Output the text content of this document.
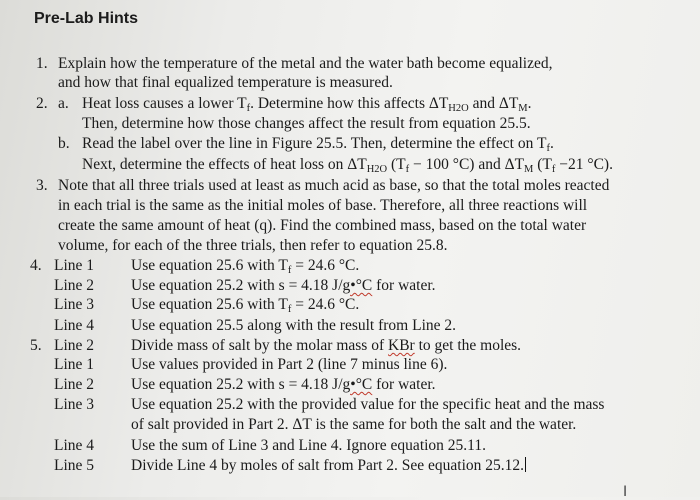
Pre-Lab Hints
1. Explain how the temperature of the metal and the water bath become equalized,
and how that final equalized temperature is measured.
2. a. Heat loss causes a lower Tf. Determine how this affects ΔTH2O and ΔTM.
Then, determine how those changes affect the result from equation 25.5.
b. Read the label over the line in Figure 25.5. Then, determine the effect on Tf.
Next, determine the effects of heat loss on ΔTH2O (Tf − 100 °C) and ΔTM (Tf −21 °C).
3. Note that all three trials used at least as much acid as base, so that the total moles reacted
in each trial is the same as the initial moles of base. Therefore, all three reactions will
create the same amount of heat (q). Find the combined mass, based on the total water
volume, for each of the three trials, then refer to equation 25.8.
4. Line 1 Use equation 25.6 with Tf = 24.6 °C.
Line 2 Use equation 25.2 with s = 4.18 J/g•°C for water.
Line 3 Use equation 25.6 with Tf = 24.6 °C.
Line 4 Use equation 25.5 along with the result from Line 2.
5. Line 2 Divide mass of salt by the molar mass of KBr to get the moles.
Line 1 Use values provided in Part 2 (line 7 minus line 6).
Line 2 Use equation 25.2 with s = 4.18 J/g•°C for water.
Line 3 Use equation 25.2 with the provided value for the specific heat and the mass
of salt provided in Part 2. ΔT is the same for both the salt and the water.
Line 4 Use the sum of Line 3 and Line 4. Ignore equation 25.11.
Line 5 Divide Line 4 by moles of salt from Part 2. See equation 25.12.
I
